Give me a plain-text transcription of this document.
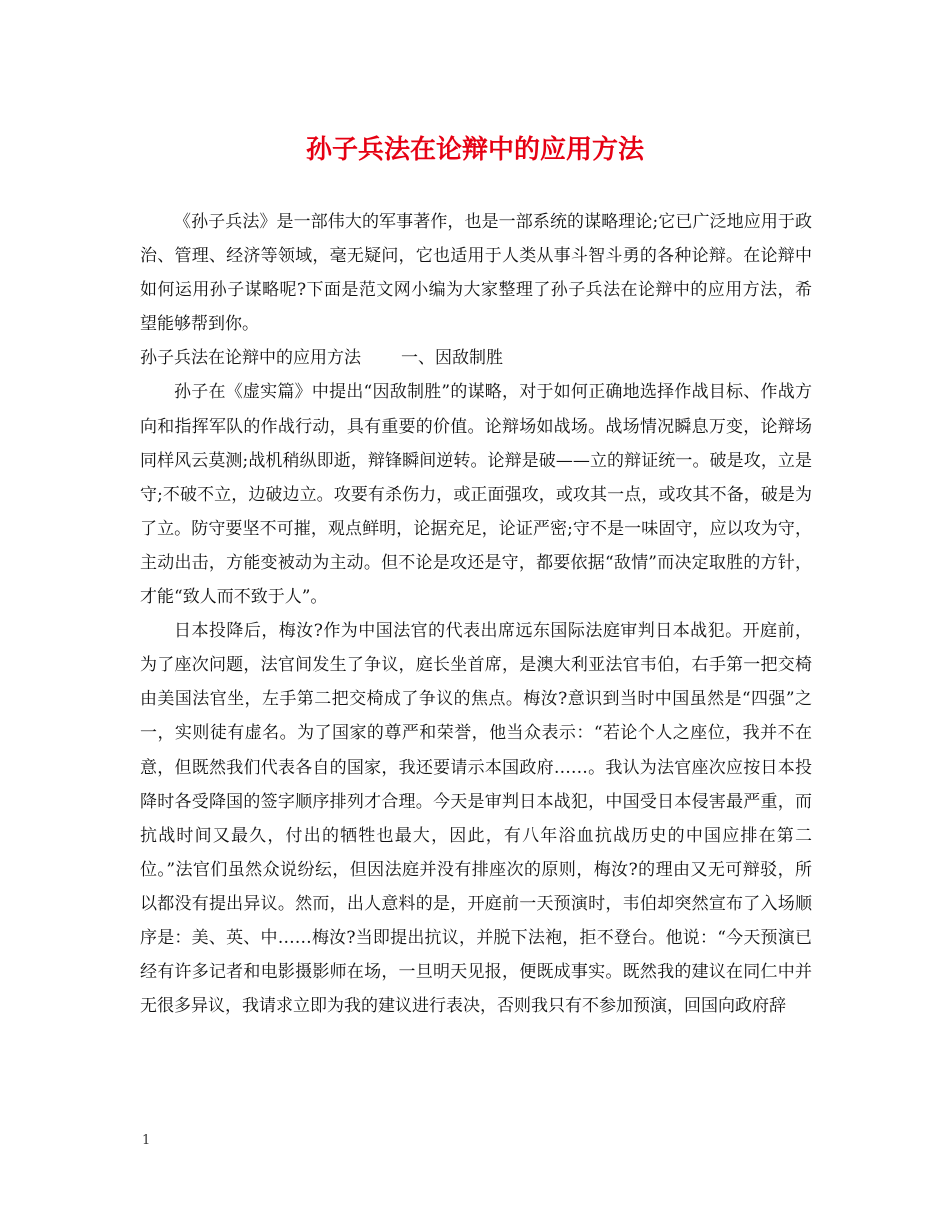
孙子兵法在论辩中的应用方法

《孙子兵法》是一部伟大的军事著作，也是一部系统的谋略理论;它已广泛地应用于政治、管理、经济等领域，毫无疑问，它也适用于人类从事斗智斗勇的各种论辩。在论辩中如何运用孙子谋略呢?下面是范文网小编为大家整理了孙子兵法在论辩中的应用方法，希望能够帮到你。

孙子兵法在论辩中的应用方法 一、因敌制胜

孙子在《虚实篇》中提出“因敌制胜”的谋略，对于如何正确地选择作战目标、作战方向和指挥军队的作战行动，具有重要的价值。论辩场如战场。战场情况瞬息万变，论辩场同样风云莫测;战机稍纵即逝，辩锋瞬间逆转。论辩是破——立的辩证统一。破是攻，立是守;不破不立，边破边立。攻要有杀伤力，或正面强攻，或攻其一点，或攻其不备，破是为了立。防守要坚不可摧，观点鲜明，论据充足，论证严密;守不是一味固守，应以攻为守，主动出击，方能变被动为主动。但不论是攻还是守，都要依据“敌情”而决定取胜的方针，才能“致人而不致于人”。

日本投降后，梅汝?作为中国法官的代表出席远东国际法庭审判日本战犯。开庭前，为了座次问题，法官间发生了争议，庭长坐首席，是澳大利亚法官韦伯，右手第一把交椅由美国法官坐，左手第二把交椅成了争议的焦点。梅汝?意识到当时中国虽然是“四强”之一，实则徒有虚名。为了国家的尊严和荣誉，他当众表示：“若论个人之座位，我并不在意，但既然我们代表各自的国家，我还要请示本国政府……。我认为法官座次应按日本投降时各受降国的签字顺序排列才合理。今天是审判日本战犯，中国受日本侵害最严重，而抗战时间又最久，付出的牺牲也最大，因此，有八年浴血抗战历史的中国应排在第二位。”法官们虽然众说纷纭，但因法庭并没有排座次的原则，梅汝?的理由又无可辩驳，所以都没有提出异议。然而，出人意料的是，开庭前一天预演时，韦伯却突然宣布了入场顺序是：美、英、中……梅汝?当即提出抗议，并脱下法袍，拒不登台。他说：“今天预演已经有许多记者和电影摄影师在场，一旦明天见报，便既成事实。既然我的建议在同仁中并无很多异议，我请求立即为我的建议进行表决，否则我只有不参加预演，回国向政府辞

1
